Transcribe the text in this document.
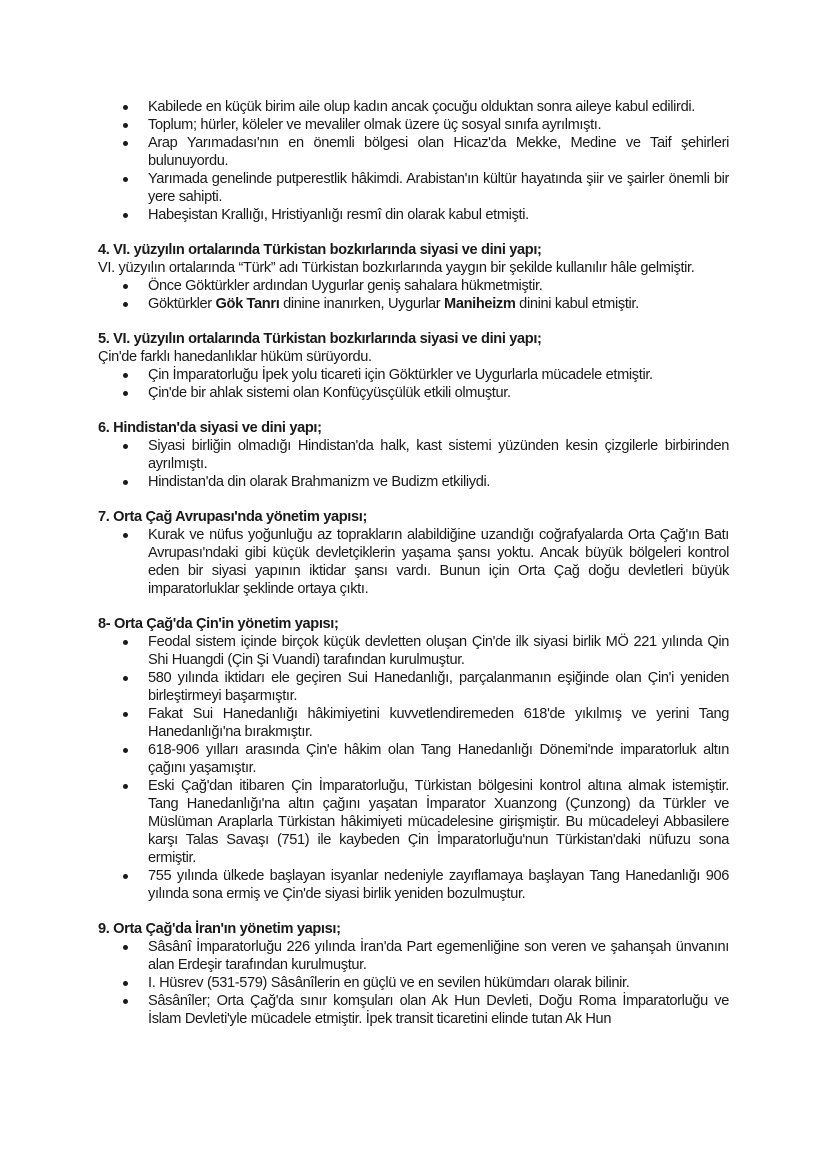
Kabilede en küçük birim aile olup kadın ancak çocuğu olduktan sonra aileye kabul edilirdi.
Toplum; hürler, köleler ve mevaliler olmak üzere üç sosyal sınıfa ayrılmıştı.
Arap Yarımadası'nın en önemli bölgesi olan Hicaz'da Mekke, Medine ve Taif şehirleri bulunuyordu.
Yarımada genelinde putperestlik hâkimdi. Arabistan'ın kültür hayatında şiir ve şairler önemli bir yere sahipti.
Habeşistan Krallığı, Hristiyanlığı resmî din olarak kabul etmişti.

4. VI. yüzyılın ortalarında Türkistan bozkırlarında siyasi ve dini yapı;

VI. yüzyılın ortalarında “Türk” adı Türkistan bozkırlarında yaygın bir şekilde kullanılır hâle gelmiştir.

Önce Göktürkler ardından Uygurlar geniş sahalara hükmetmiştir.
Göktürkler Gök Tanrı dinine inanırken, Uygurlar Maniheizm dinini kabul etmiştir.

5. VI. yüzyılın ortalarında Türkistan bozkırlarında siyasi ve dini yapı;

Çin'de farklı hanedanlıklar hüküm sürüyordu.

Çin İmparatorluğu İpek yolu ticareti için Göktürkler ve Uygurlarla mücadele etmiştir.
Çin'de bir ahlak sistemi olan Konfüçyüsçülük etkili olmuştur.

6. Hindistan'da siyasi ve dini yapı;

Siyasi birliğin olmadığı Hindistan'da halk, kast sistemi yüzünden kesin çizgilerle birbirinden ayrılmıştı.
Hindistan'da din olarak Brahmanizm ve Budizm etkiliydi.

7. Orta Çağ Avrupası'nda yönetim yapısı;

Kurak ve nüfus yoğunluğu az toprakların alabildiğine uzandığı coğrafyalarda Orta Çağ'ın Batı Avrupası'ndaki gibi küçük devletçiklerin yaşama şansı yoktu. Ancak büyük bölgeleri kontrol eden bir siyasi yapının iktidar şansı vardı. Bunun için Orta Çağ doğu devletleri büyük imparatorluklar şeklinde ortaya çıktı.

8- Orta Çağ'da Çin'in yönetim yapısı;

Feodal sistem içinde birçok küçük devletten oluşan Çin'de ilk siyasi birlik MÖ 221 yılında Qin Shi Huangdi (Çin Şi Vuandi) tarafından kurulmuştur.
580 yılında iktidarı ele geçiren Sui Hanedanlığı, parçalanmanın eşiğinde olan Çin'i yeniden birleştirmeyi başarmıştır.
Fakat Sui Hanedanlığı hâkimiyetini kuvvetlendiremeden 618'de yıkılmış ve yerini Tang Hanedanlığı'na bırakmıştır.
618-906 yılları arasında Çin'e hâkim olan Tang Hanedanlığı Dönemi'nde imparatorluk altın çağını yaşamıştır.
Eski Çağ'dan itibaren Çin İmparatorluğu, Türkistan bölgesini kontrol altına almak istemiştir. Tang Hanedanlığı'na altın çağını yaşatan İmparator Xuanzong (Çunzong) da Türkler ve Müslüman Araplarla Türkistan hâkimiyeti mücadelesine girişmiştir. Bu mücadeleyi Abbasilere karşı Talas Savaşı (751) ile kaybeden Çin İmparatorluğu'nun Türkistan'daki nüfuzu sona ermiştir.
755 yılında ülkede başlayan isyanlar nedeniyle zayıflamaya başlayan Tang Hanedanlığı 906 yılında sona ermiş ve Çin'de siyasi birlik yeniden bozulmuştur.

9. Orta Çağ'da İran'ın yönetim yapısı;

Sâsânî İmparatorluğu 226 yılında İran'da Part egemenliğine son veren ve şahanşah ünvanını alan Erdeşir tarafından kurulmuştur.
I. Hüsrev (531-579) Sâsânîlerin en güçlü ve en sevilen hükümdarı olarak bilinir.
Sâsânîler; Orta Çağ'da sınır komşuları olan Ak Hun Devleti, Doğu Roma İmparatorluğu ve İslam Devleti'yle mücadele etmiştir. İpek transit ticaretini elinde tutan Ak Hun
